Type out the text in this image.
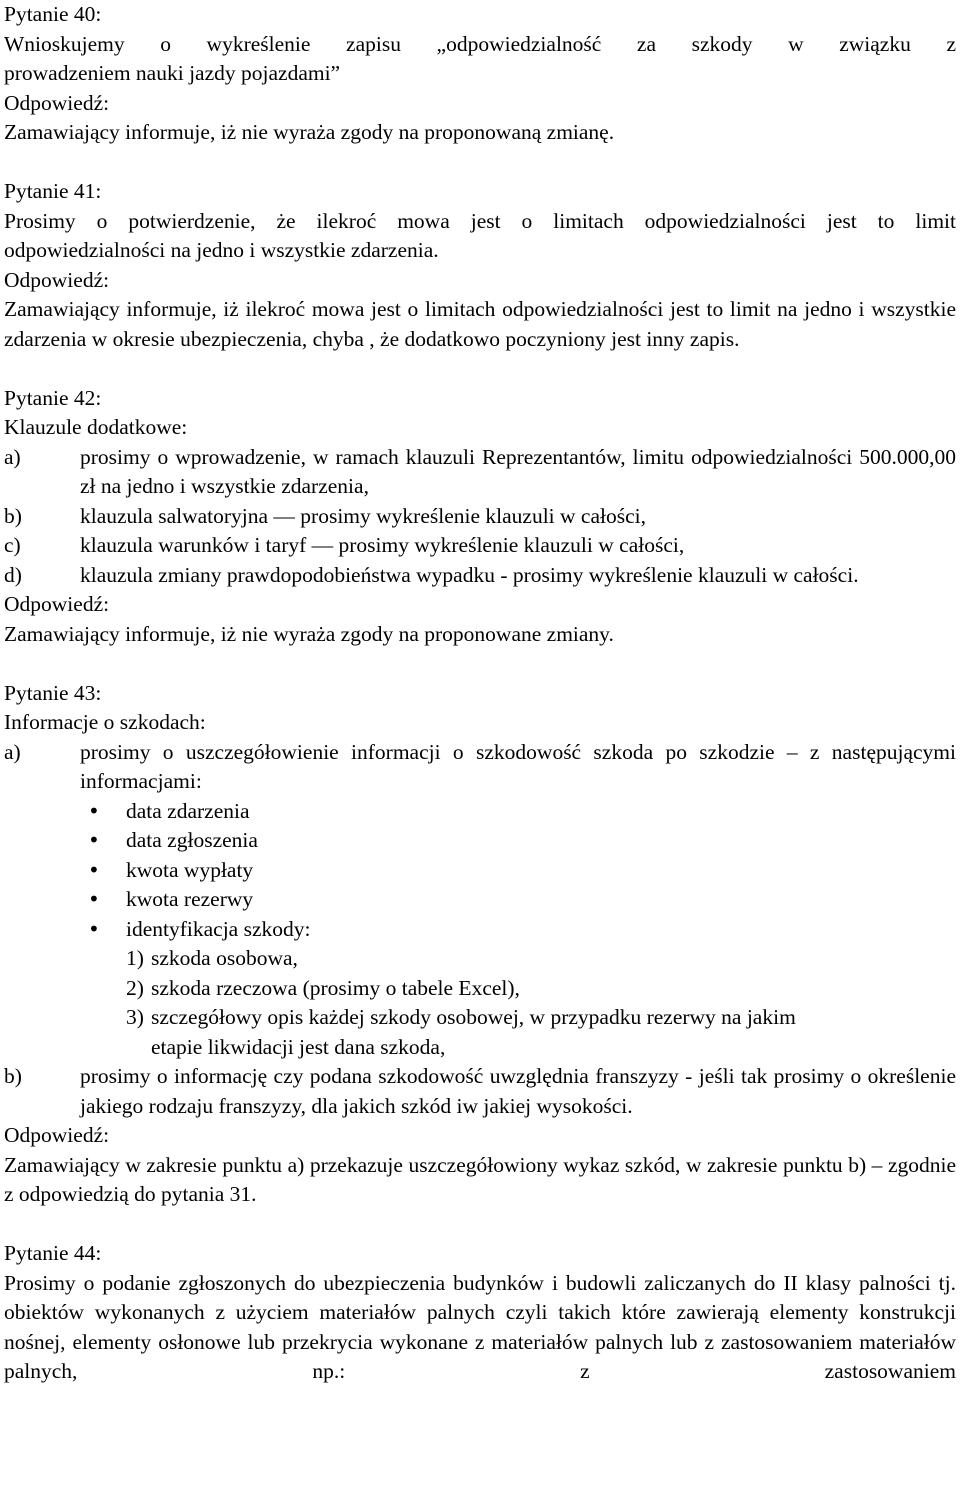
Pytanie 40:

Wnioskujemy o wykreślenie zapisu „odpowiedzialność za szkody w związku z

prowadzeniem nauki jazdy pojazdami”

Odpowiedź:

Zamawiający informuje, iż nie wyraża zgody na proponowaną zmianę.

Pytanie 41:

Prosimy o potwierdzenie, że ilekroć mowa jest o limitach odpowiedzialności jest to limit

odpowiedzialności na jedno i wszystkie zdarzenia.

Odpowiedź:

Zamawiający informuje, iż ilekroć mowa jest o limitach odpowiedzialności jest to limit na jedno i wszystkie zdarzenia w okresie ubezpieczenia, chyba , że dodatkowo poczyniony jest inny zapis.

Pytanie 42:

Klauzule dodatkowe:

a)	prosimy o wprowadzenie, w ramach klauzuli Reprezentantów, limitu odpowiedzialności 500.000,00 zł na jedno i wszystkie zdarzenia,
b)	klauzula salwatoryjna — prosimy wykreślenie klauzuli w całości,
c)	klauzula warunków i taryf — prosimy wykreślenie klauzuli w całości,
d)	klauzula zmiany prawdopodobieństwa wypadku - prosimy wykreślenie klauzuli w całości.

Odpowiedź:

Zamawiający informuje, iż nie wyraża zgody na proponowane zmiany.

Pytanie 43:

Informacje o szkodach:

a)	prosimy o uszczegółowienie informacji o szkodowość szkoda po szkodzie – z następującymi informacjami:
• data zdarzenia
• data zgłoszenia
• kwota wypłaty
• kwota rezerwy
• identyfikacja szkody:
1) szkoda osobowa,
2) szkoda rzeczowa (prosimy o tabele Excel),
3) szczegółowy opis każdej szkody osobowej, w przypadku rezerwy na jakim

etapie likwidacji jest dana szkoda,

b)	prosimy o informację czy podana szkodowość uwzględnia franszyzy - jeśli tak prosimy o określenie jakiego rodzaju franszyzy, dla jakich szkód iw jakiej wysokości.

Odpowiedź:

Zamawiający w zakresie punktu a) przekazuje uszczegółowiony wykaz szkód, w zakresie punktu b) – zgodnie z odpowiedzią do pytania 31.

Pytanie 44:

Prosimy o podanie zgłoszonych do ubezpieczenia budynków i budowli zaliczanych do II klasy palności tj. obiektów wykonanych z użyciem materiałów palnych czyli takich które zawierają elementy konstrukcji nośnej, elementy osłonowe lub przekrycia wykonane z materiałów palnych lub z zastosowaniem materiałów palnych, np.: z zastosowaniem
